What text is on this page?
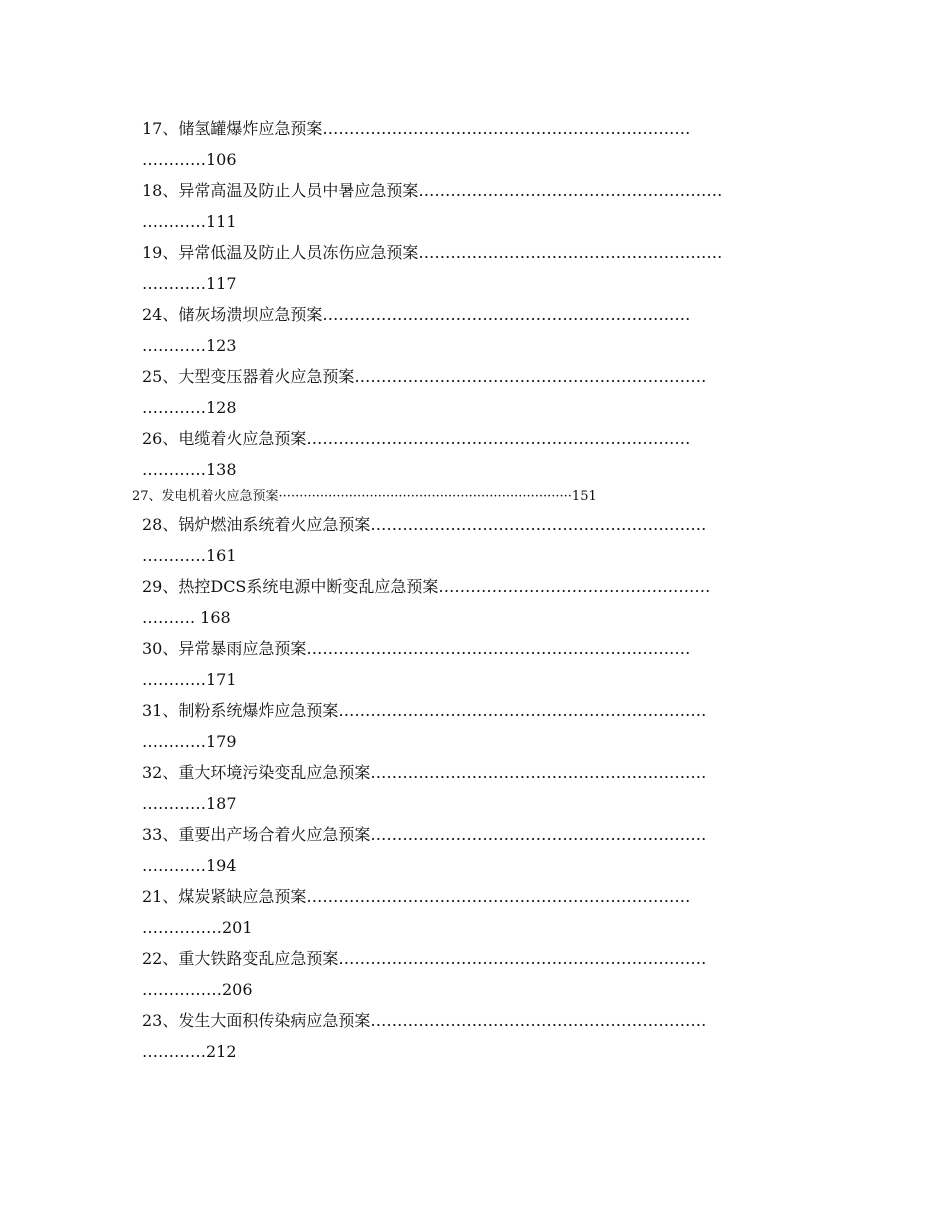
17、储氢罐爆炸应急预案……………………………………………………………
…………106
18、异常高温及防止人员中暑应急预案…………………………………………………
…………111
19、异常低温及防止人员冻伤应急预案…………………………………………………
…………117
24、储灰场溃坝应急预案……………………………………………………………
…………123
25、大型变压器着火应急预案…………………………………………………………
…………128
26、电缆着火应急预案………………………………………………………………
…………138
27、发电机着火应急预案·······································································151
28、锅炉燃油系统着火应急预案………………………………………………………
…………161
29、热控DCS系统电源中断变乱应急预案……………………………………………
………. 168
30、异常暴雨应急预案………………………………………………………………
…………171
31、制粉系统爆炸应急预案……………………………………………………………
…………179
32、重大环境污染变乱应急预案………………………………………………………
…………187
33、重要出产场合着火应急预案………………………………………………………
…………194
21、煤炭紧缺应急预案………………………………………………………………
……………201
22、重大铁路变乱应急预案……………………………………………………………
……………206
23、发生大面积传染病应急预案………………………………………………………
…………212
